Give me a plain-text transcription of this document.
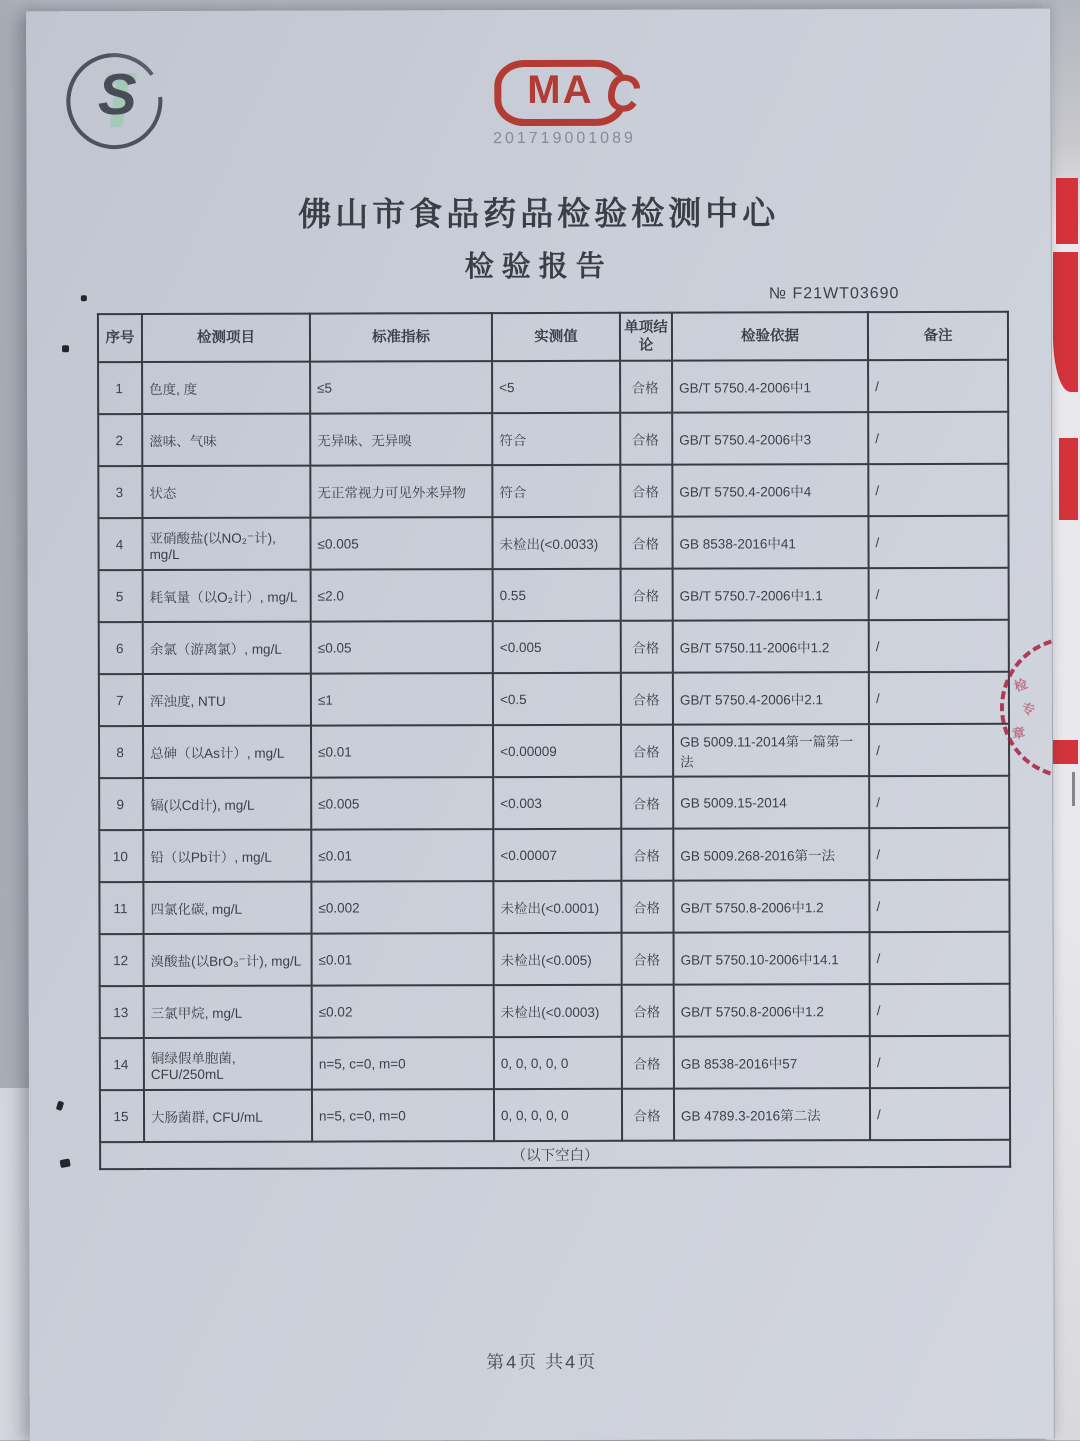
S	C
MA
201719001089
佛山市食品药品检验检测中心
检验报告
№ F21WT03690
序号	检测项目	标准指标	实测值	单项结论	检验依据	备注
1	色度, 度	≤5	<5	合格	GB/T 5750.4-2006中1	/
2	滋味、气味	无异味、无异嗅	符合	合格	GB/T 5750.4-2006中3	/
3	状态	无正常视力可见外来异物	符合	合格	GB/T 5750.4-2006中4	/
4	亚硝酸盐(以NO₂⁻计), mg/L	≤0.005	未检出(<0.0033)	合格	GB 8538-2016中41	/
5	耗氧量（以O₂计）, mg/L	≤2.0	0.55	合格	GB/T 5750.7-2006中1.1	/
6	余氯（游离氯）, mg/L	≤0.05	<0.005	合格	GB/T 5750.11-2006中1.2	/
7	浑浊度, NTU	≤1	<0.5	合格	GB/T 5750.4-2006中2.1	/
8	总砷（以As计）, mg/L	≤0.01	<0.00009	合格	GB 5009.11-2014第一篇第一法	/
9	镉(以Cd计), mg/L	≤0.005	<0.003	合格	GB 5009.15-2014	/
10	铅（以Pb计）, mg/L	≤0.01	<0.00007	合格	GB 5009.268-2016第一法	/
11	四氯化碳, mg/L	≤0.002	未检出(<0.0001)	合格	GB/T 5750.8-2006中1.2	/
12	溴酸盐(以BrO₃⁻计), mg/L	≤0.01	未检出(<0.005)	合格	GB/T 5750.10-2006中14.1	/
13	三氯甲烷, mg/L	≤0.02	未检出(<0.0003)	合格	GB/T 5750.8-2006中1.2	/
14	铜绿假单胞菌, CFU/250mL	n=5, c=0, m=0	0, 0, 0, 0, 0	合格	GB 8538-2016中57	/
15	大肠菌群, CFU/mL	n=5, c=0, m=0	0, 0, 0, 0, 0	合格	GB 4789.3-2016第二法	/
（以下空白）						
检
专
章
第4页 共4页
